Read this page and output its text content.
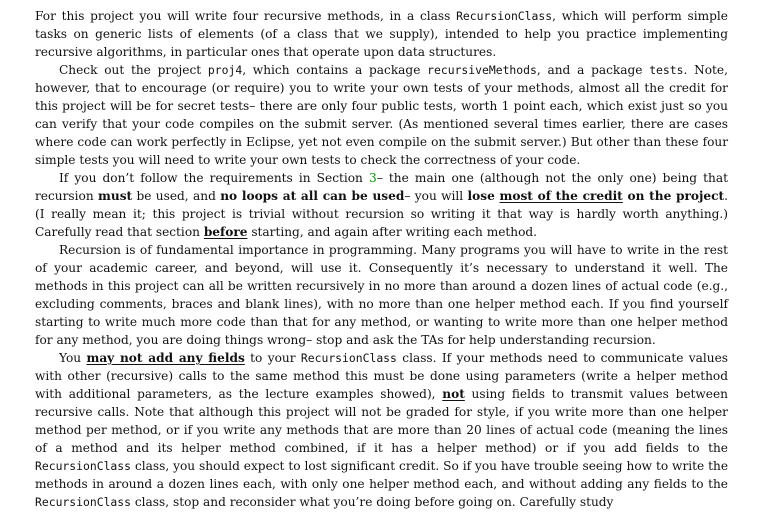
For this project you will write four recursive methods, in a class RecursionClass, which will perform simple tasks on generic lists of elements (of a class that we supply), intended to help you practice implementing recursive algorithms, in particular ones that operate upon data structures.

Check out the project proj4, which contains a package recursiveMethods, and a package tests. Note, however, that to encourage (or require) you to write your own tests of your methods, almost all the credit for this project will be for secret tests– there are only four public tests, worth 1 point each, which exist just so you can verify that your code compiles on the submit server. (As mentioned several times earlier, there are cases where code can work perfectly in Eclipse, yet not even compile on the submit server.) But other than these four simple tests you will need to write your own tests to check the correctness of your code.

If you don’t follow the requirements in Section 3– the main one (although not the only one) being that recursion must be used, and no loops at all can be used– you will lose most of the credit on the project. (I really mean it; this project is trivial without recursion so writing it that way is hardly worth anything.) Carefully read that section before starting, and again after writing each method.

Recursion is of fundamental importance in programming. Many programs you will have to write in the rest of your academic career, and beyond, will use it. Consequently it’s necessary to understand it well. The methods in this project can all be written recursively in no more than around a dozen lines of actual code (e.g., excluding comments, braces and blank lines), with no more than one helper method each. If you find yourself starting to write much more code than that for any method, or wanting to write more than one helper method for any method, you are doing things wrong– stop and ask the TAs for help understanding recursion.

You may not add any fields to your RecursionClass class. If your methods need to communicate values with other (recursive) calls to the same method this must be done using parameters (write a helper method with additional parameters, as the lecture examples showed), not using fields to transmit values between recursive calls. Note that although this project will not be graded for style, if you write more than one helper method per method, or if you write any methods that are more than 20 lines of actual code (meaning the lines of a method and its helper method combined, if it has a helper method) or if you add fields to the RecursionClass class, you should expect to lost significant credit. So if you have trouble seeing how to write the methods in around a dozen lines each, with only one helper method each, and without adding any fields to the RecursionClass class, stop and reconsider what you’re doing before going on. Carefully study
